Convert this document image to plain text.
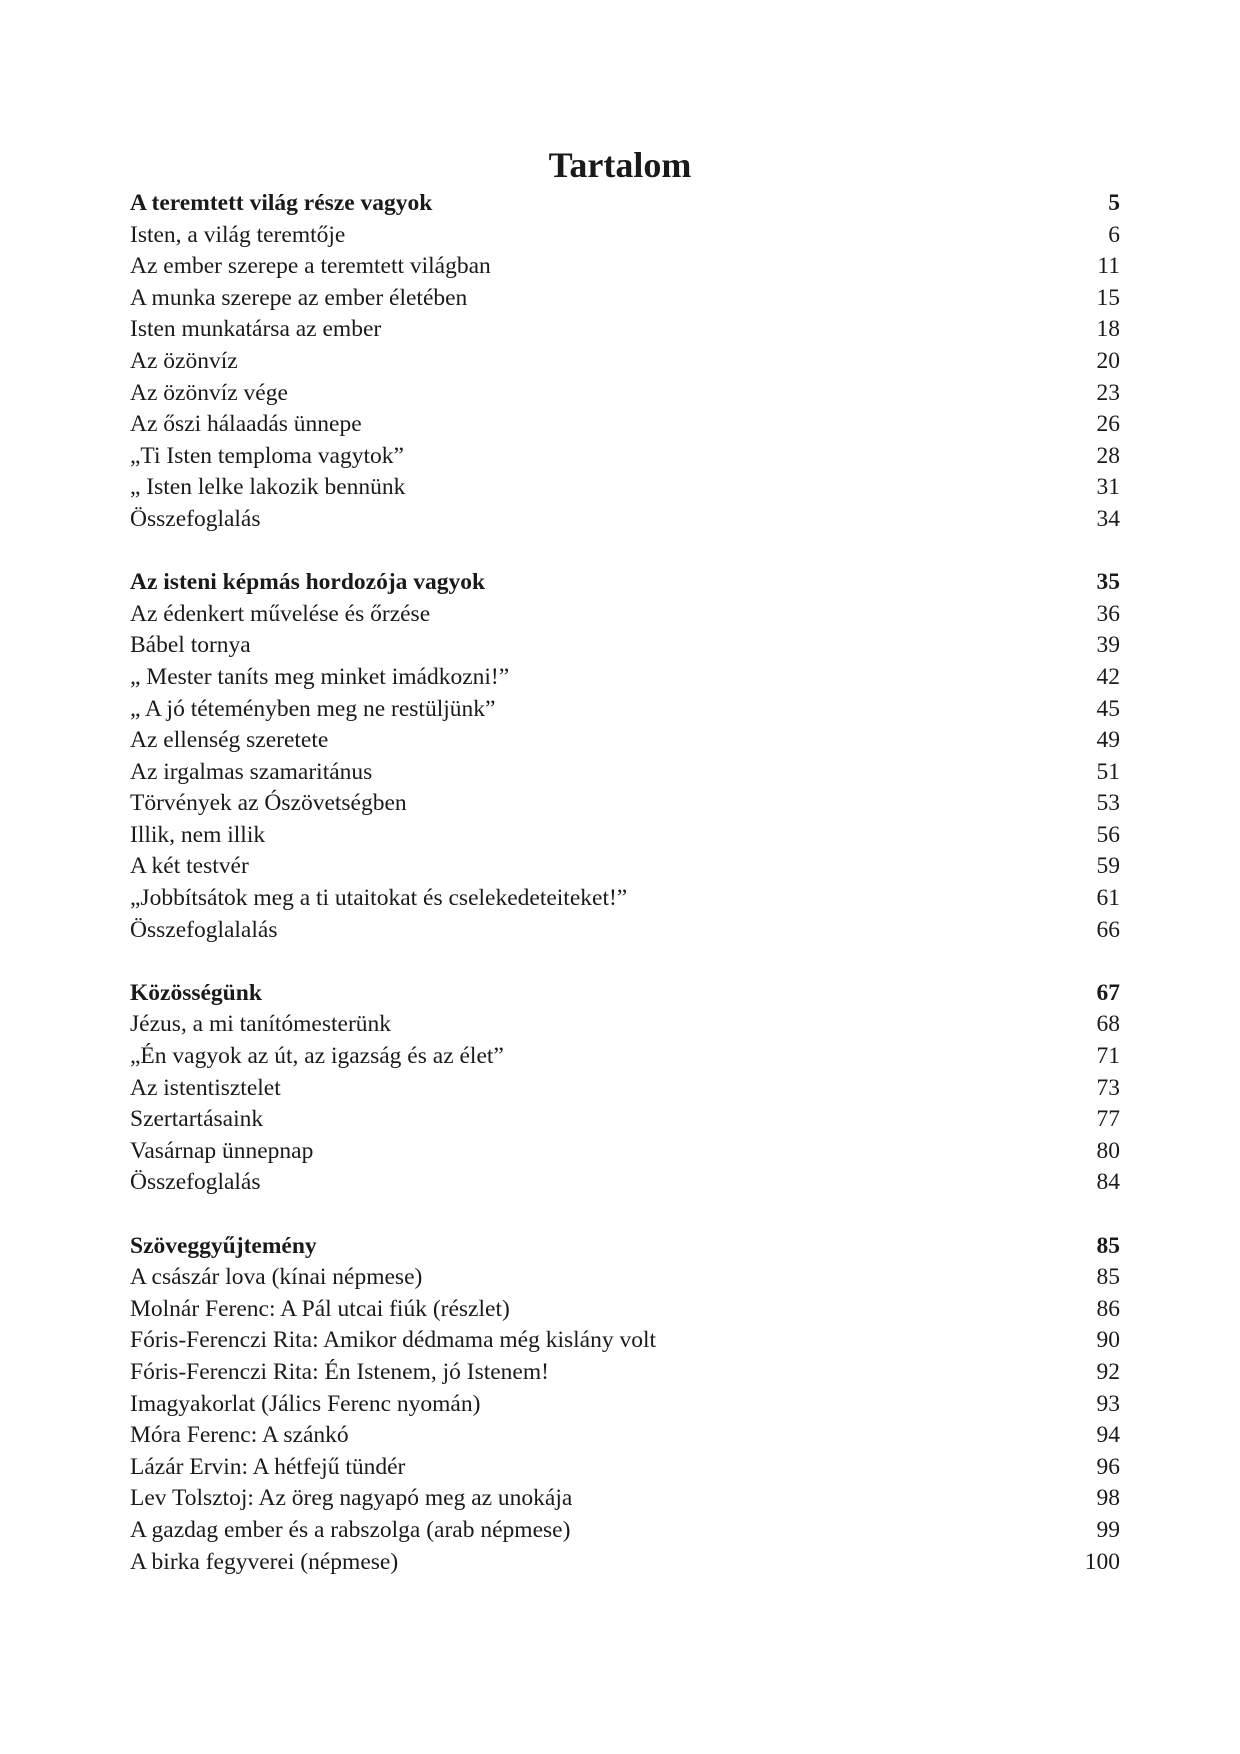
Tartalom
A teremtett világ része vagyok	5
Isten, a világ teremtője	6
Az ember szerepe a teremtett világban	11
A munka szerepe az ember életében	15
Isten munkatársa az ember	18
Az özönvíz	20
Az özönvíz vége	23
Az őszi hálaadás ünnepe	26
„Ti Isten temploma vagytok”	28
„ Isten lelke lakozik bennünk	31
Összefoglalás	34
Az isteni képmás hordozója vagyok	35
Az édenkert művelése és őrzése	36
Bábel tornya	39
„ Mester taníts meg minket imádkozni!”	42
„ A jó téteményben meg ne restüljünk”	45
Az ellenség szeretete	49
Az irgalmas szamaritánus	51
Törvények az Ószövetségben	53
Illik, nem illik	56
A két testvér	59
„Jobbítsátok meg a ti utaitokat és cselekedeteiteket!”	61
Összefoglalalás	66
Közösségünk	67
Jézus, a mi tanítómesterünk	68
„Én vagyok az út, az igazság és az élet”	71
Az istentisztelet	73
Szertartásaink	77
Vasárnap ünnepnap	80
Összefoglalás	84
Szöveggyűjtemény	85
A császár lova (kínai népmese)	85
Molnár Ferenc: A Pál utcai fiúk (részlet)	86
Fóris-Ferenczi Rita: Amikor dédmama még kislány volt	90
Fóris-Ferenczi Rita: Én Istenem, jó Istenem!	92
Imagyakorlat (Jálics Ferenc nyomán)	93
Móra Ferenc: A szánkó	94
Lázár Ervin: A hétfejű tündér	96
Lev Tolsztoj: Az öreg nagyapó meg az unokája	98
A gazdag ember és a rabszolga (arab népmese)	99
A birka fegyverei (népmese)	100
